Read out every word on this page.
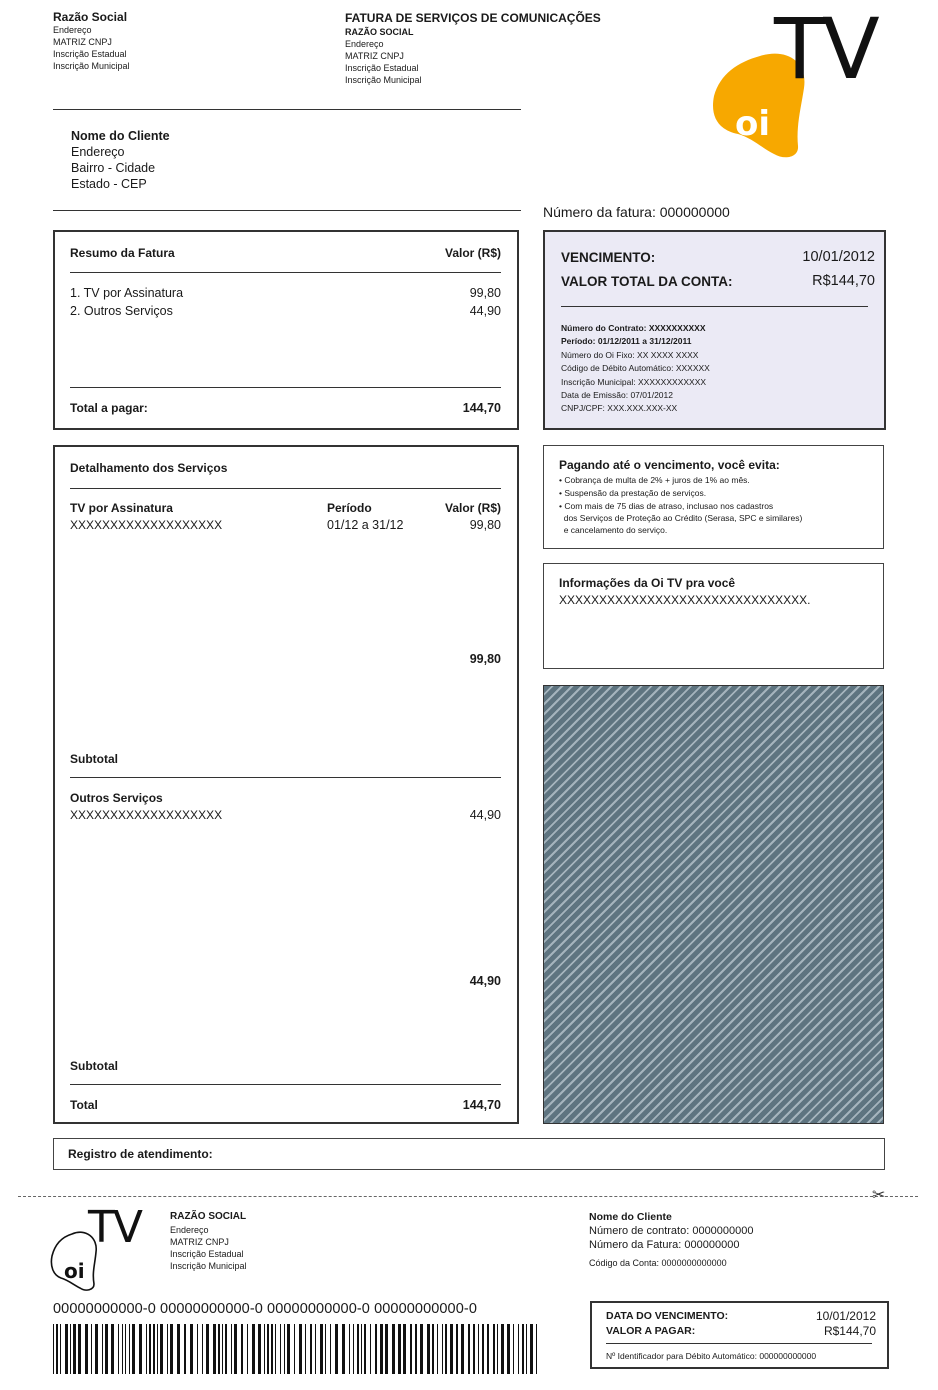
Razão Social
Endereço
MATRIZ CNPJ
Inscrição Estadual
Inscrição Municipal
FATURA DE SERVIÇOS DE COMUNICAÇÕES
RAZÃO SOCIAL
Endereço
MATRIZ CNPJ
Inscrição Estadual
Inscrição Municipal
oi
TV
Nome do Cliente
Endereço
Bairro - Cidade
Estado - CEP
Número da fatura: 000000000
Resumo da Fatura	Valor (R$)
1. TV por Assinatura	99,80
2. Outros Serviços	44,90
Total a pagar:	144,70
VENCIMENTO:	10/01/2012
VALOR TOTAL DA CONTA:	R$144,70
Número do Contrato: XXXXXXXXXX
Período: 01/12/2011 a 31/12/2011
Número do Oi Fixo: XX XXXX XXXX
Código de Débito Automático: XXXXXX
Inscrição Municipal: XXXXXXXXXXXX
Data de Emissão: 07/01/2012
CNPJ/CPF: XXX.XXX.XXX-XX
Detalhamento dos Serviços
TV por Assinatura	Período	Valor (R$)
XXXXXXXXXXXXXXXXXXX	01/12 a 31/12	99,80
99,80
Subtotal
Outros Serviços
XXXXXXXXXXXXXXXXXXX	44,90
44,90
Subtotal
Total	144,70
Pagando até o vencimento, você evita:
• Cobrança de multa de 2% + juros de 1% ao mês.
• Suspensão da prestação de serviços.
• Com mais de 75 dias de atraso, inclusao nos cadastros
dos Serviços de Proteção ao Crédito (Serasa, SPC e similares)
e cancelamento do serviço.
Informações da Oi TV pra você
XXXXXXXXXXXXXXXXXXXXXXXXXXXXXXX.
Registro de atendimento:
✂
oi
TV	RAZÃO SOCIAL
Endereço
MATRIZ CNPJ
Inscrição Estadual
Inscrição Municipal
Nome do Cliente
Número de contrato: 0000000000
Número da Fatura: 000000000
Código da Conta: 0000000000000
00000000000-0 00000000000-0 00000000000-0 00000000000-0	DATA DO VENCIMENTO:	10/01/2012
VALOR A PAGAR:	R$144,70
Nº Identificador para Débito Automático: 000000000000
